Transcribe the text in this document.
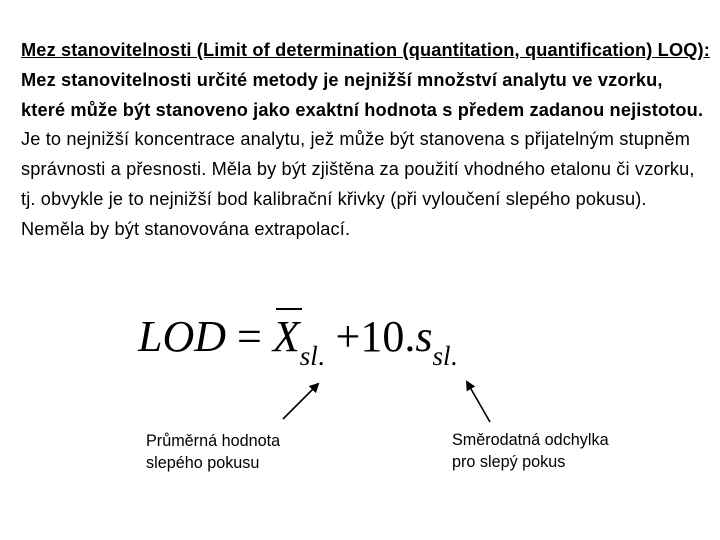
Mez stanovitelnosti (Limit of determination (quantitation, quantification) LOQ): Mez stanovitelnosti určité metody je nejnižší množství analytu ve vzorku, které může být stanoveno jako exaktní hodnota s předem zadanou nejistotou. Je to nejnižší koncentrace analytu, jež může být stanovena s přijatelným stupněm správnosti a přesnosti. Měla by být zjištěna za použití vhodného etalonu či vzorku, tj. obvykle je to nejnižší bod kalibrační křivky (při vyloučení slepého pokusu). Neměla by být stanovována extrapolací.

LOD = $X_{sl.} +10.s_{sl.}$

Průměrná hodnota
slepého pokusu

Směrodatná odchylka
pro slepý pokus
